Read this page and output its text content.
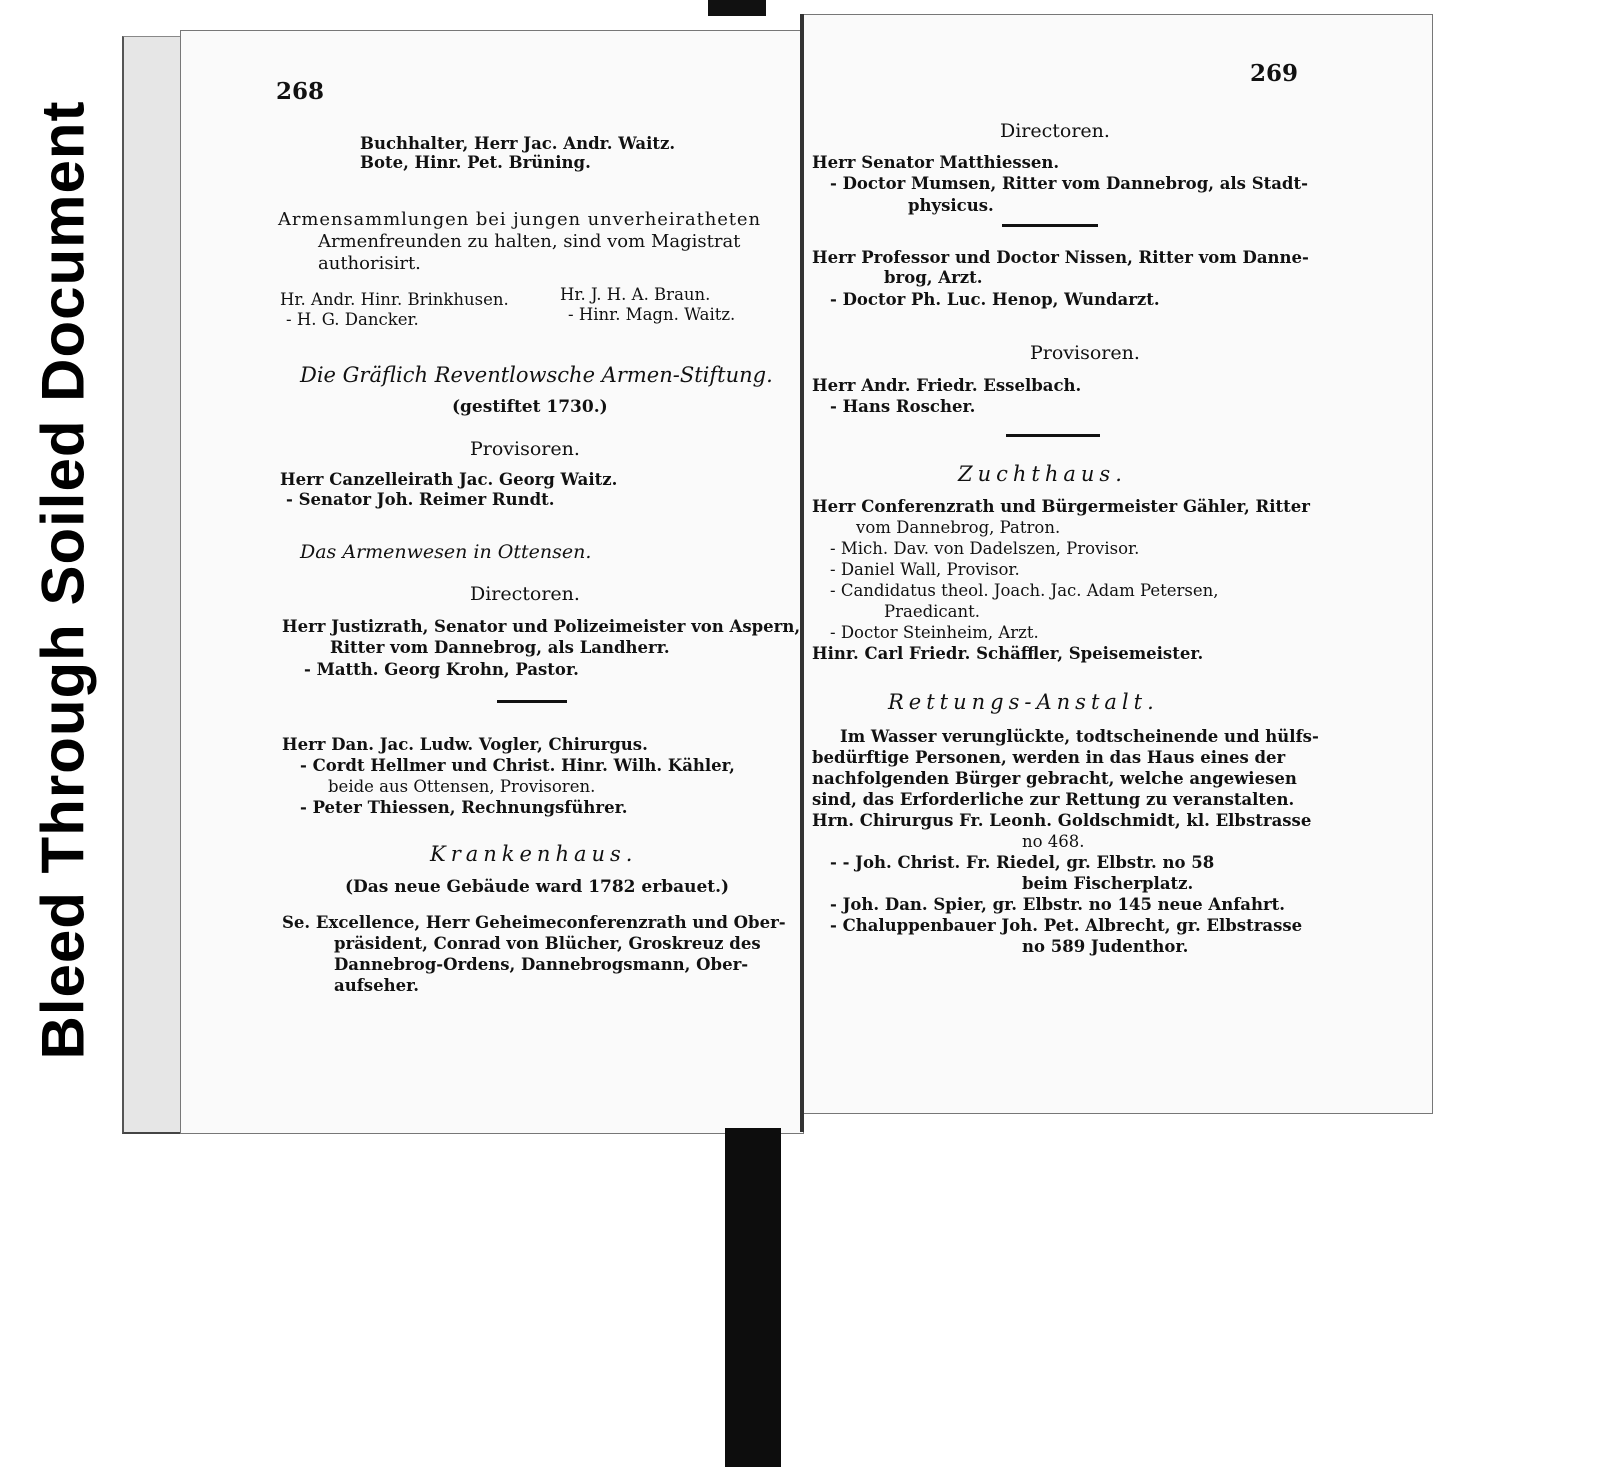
Bleed Through Soiled Document
268
Buchhalter, Herr Jac. Andr. Waitz.
Bote, Hinr. Pet. Brüning.
Armensammlungen bei jungen unverheiratheten
Armenfreunden zu halten, sind vom Magistrat
authorisirt.
Hr. Andr. Hinr. Brinkhusen.	Hr. J. H. A. Braun.
- H. G. Dancker.	- Hinr. Magn. Waitz.
Die Gräflich Reventlowsche Armen-Stiftung.
(gestiftet 1730.)
Provisoren.
Herr Canzelleirath Jac. Georg Waitz.
- Senator Joh. Reimer Rundt.
Das Armenwesen in Ottensen.
Directoren.
Herr Justizrath, Senator und Polizeimeister von Aspern,
Ritter vom Dannebrog, als Landherr.
- Matth. Georg Krohn, Pastor.
Herr Dan. Jac. Ludw. Vogler, Chirurgus.
- Cordt Hellmer und Christ. Hinr. Wilh. Kähler,
beide aus Ottensen, Provisoren.
- Peter Thiessen, Rechnungsführer.
Krankenhaus.
(Das neue Gebäude ward 1782 erbauet.)
Se. Excellence, Herr Geheimeconferenzrath und Ober-
präsident, Conrad von Blücher, Groskreuz des
Dannebrog-Ordens, Dannebrogsmann, Ober-
aufseher.
269
Directoren.
Herr Senator Matthiessen.
- Doctor Mumsen, Ritter vom Dannebrog, als Stadt-
physicus.
Herr Professor und Doctor Nissen, Ritter vom Danne-
brog, Arzt.
- Doctor Ph. Luc. Henop, Wundarzt.
Provisoren.
Herr Andr. Friedr. Esselbach.
- Hans Roscher.
Zuchthaus.
Herr Conferenzrath und Bürgermeister Gähler, Ritter
vom Dannebrog, Patron.
- Mich. Dav. von Dadelszen, Provisor.
- Daniel Wall, Provisor.
- Candidatus theol. Joach. Jac. Adam Petersen,
Praedicant.
- Doctor Steinheim, Arzt.
Hinr. Carl Friedr. Schäffler, Speisemeister.
Rettungs-Anstalt.
Im Wasser verunglückte, todtscheinende und hülfs-
bedürftige Personen, werden in das Haus eines der
nachfolgenden Bürger gebracht, welche angewiesen
sind, das Erforderliche zur Rettung zu veranstalten.
Hrn. Chirurgus Fr. Leonh. Goldschmidt, kl. Elbstrasse
no 468.
- - Joh. Christ. Fr. Riedel, gr. Elbstr. no 58
beim Fischerplatz.
- Joh. Dan. Spier, gr. Elbstr. no 145 neue Anfahrt.
- Chaluppenbauer Joh. Pet. Albrecht, gr. Elbstrasse
no 589 Judenthor.
